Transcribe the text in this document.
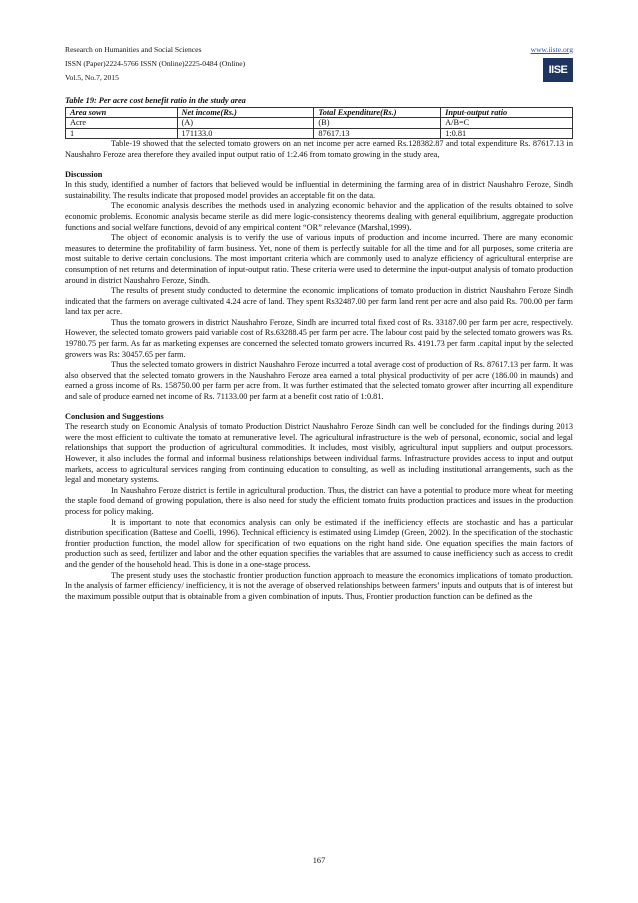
Research on Humanities and Social Sciences
ISSN (Paper)2224-5766 ISSN (Online)2225-0484 (Online)
Vol.5, No.7, 2015
www.iiste.org
IISE

Table 19: Per acre cost benefit ratio in the study area

Area sown	Net income(Rs.)	Total Expenditure(Rs.)	Input-output ratio
Acre	(A)	(B)	A/B=C
1	171133.0	87617.13	1:0.81

Table-19 showed that the selected tomato growers on an net income per acre earned Rs.128382.87 and total expenditure Rs. 87617.13 in Naushahro Feroze area therefore they availed input output ratio of 1:2.46 from tomato growing in the study area,

Discussion

In this study, identified a number of factors that believed would be influential in determining the farming area of in district Naushahro Feroze, Sindh sustainability. The results indicate that proposed model provides an acceptable fit on the data.

The economic analysis describes the methods used in analyzing economic behavior and the application of the results obtained to solve economic problems. Economic analysis became sterile as did mere logic-consistency theorems dealing with general equilibrium, aggregate production functions and social welfare functions, devoid of any empirical content “OR” relevance (Marshal,1999).

The object of economic analysis is to verify the use of various inputs of production and income incurred. There are many economic measures to determine the profitability of farm business. Yet, none of them is perfectly suitable for all the time and for all purposes, some criteria are most suitable to derive certain conclusions. The most important criteria which are commonly used to analyze efficiency of agricultural enterprise are consumption of net returns and determination of input-output ratio. These criteria were used to determine the input-output analysis of tomato production around in district Naushahro Feroze, Sindh.

The results of present study conducted to determine the economic implications of tomato production in district Naushahro Feroze Sindh indicated that the farmers on average cultivated 4.24 acre of land. They spent Rs32487.00 per farm land rent per acre and also paid Rs. 700.00 per farm land tax per acre.

Thus the tomato growers in district Naushahro Feroze, Sindh are incurred total fixed cost of Rs. 33187.00 per farm per acre, respectively. However, the selected tomato growers paid variable cost of Rs.63288.45 per farm per acre. The labour cost paid by the selected tomato growers was Rs. 19780.75 per farm. As far as marketing expenses are concerned the selected tomato growers incurred Rs. 4191.73 per farm .capital input by the selected growers was Rs: 30457.65 per farm.

Thus the selected tomato growers in district Naushahro Feroze incurred a total average cost of production of Rs. 87617.13 per farm. It was also observed that the selected tomato growers in the Naushahro Feroze area earned a total physical productivity of per acre (186.00 in maunds) and earned a gross income of Rs. 158750.00 per farm per acre from. It was further estimated that the selected tomato grower after incurring all expenditure and sale of produce earned net income of Rs. 71133.00 per farm at a benefit cost ratio of 1:0.81.

Conclusion and Suggestions

The research study on Economic Analysis of tomato Production District Naushahro Feroze Sindh can well be concluded for the findings during 2013 were the most efficient to cultivate the tomato at remunerative level. The agricultural infrastructure is the web of personal, economic, social and legal relationships that support the production of agricultural commodities. It includes, most visibly, agricultural input suppliers and output processors. However, it also includes the formal and informal business relationships between individual farms. Infrastructure provides access to input and output markets, access to agricultural services ranging from continuing education to consulting, as well as including institutional arrangements, such as the legal and monetary systems.

In Naushahro Feroze district is fertile in agricultural production. Thus, the district can have a potential to produce more wheat for meeting the staple food demand of growing population, there is also need for study the efficient tomato fruits production practices and issues in the production process for policy making.

It is important to note that economics analysis can only be estimated if the inefficiency effects are stochastic and has a particular distribution specification (Battese and Coelli, 1996). Technical efficiency is estimated using Limdep (Green, 2002). In the specification of the stochastic frontier production function, the model allow for specification of two equations on the right hand side. One equation specifies the main factors of production such as seed, fertilizer and labor and the other equation specifies the variables that are assumed to cause inefficiency such as access to credit and the gender of the household head. This is done in a one-stage process.

The present study uses the stochastic frontier production function approach to measure the economics implications of tomato production. In the analysis of farmer efficiency/ inefficiency, it is not the average of observed relationships between farmers’ inputs and outputs that is of interest but the maximum possible output that is obtainable from a given combination of inputs. Thus, Frontier production function can be defined as the

167
